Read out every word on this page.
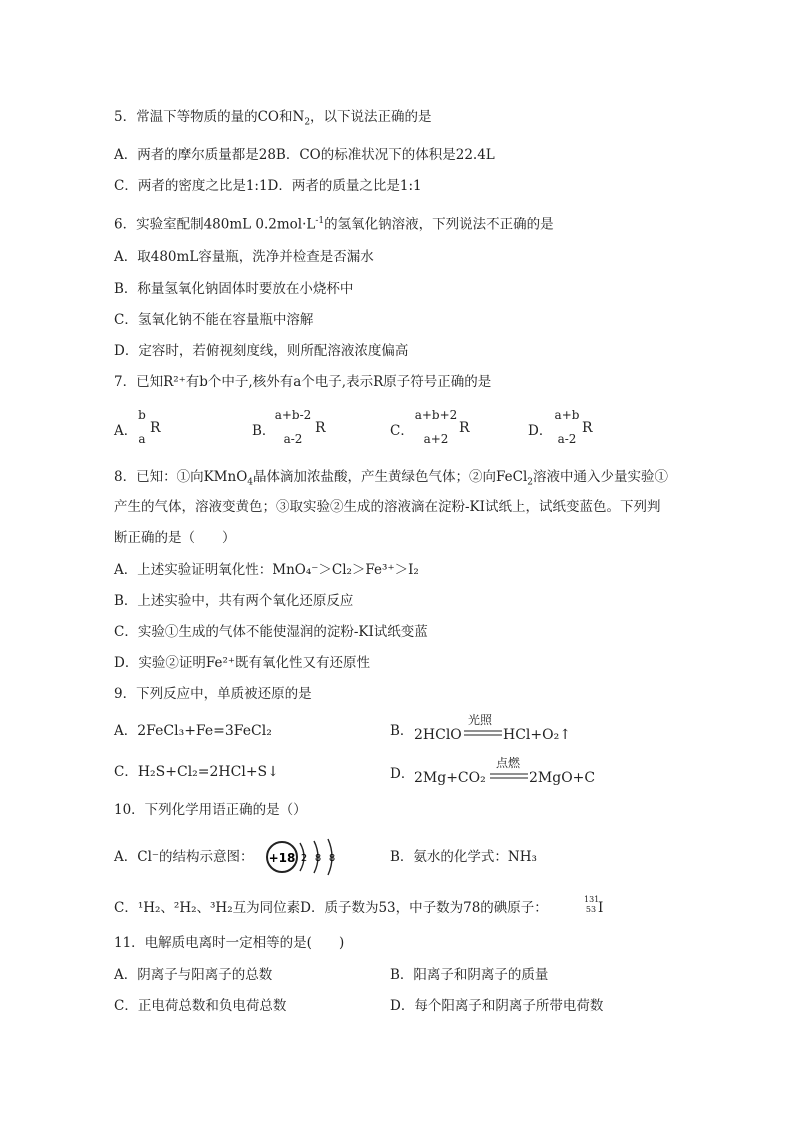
5．常温下等物质的量的CO和$N_2$，以下说法正确的是
A．两者的摩尔质量都是28B．CO的标准状况下的体积是22.4L
C．两者的密度之比是1:1D．两者的质量之比是1:1
6．实验室配制480mL $0.2mol\cdot L^{-1}$的氢氧化钠溶液，下列说法不正确的是
A．取480mL容量瓶，洗净并检查是否漏水
B．称量氢氧化钠固体时要放在小烧杯中
C．氢氧化钠不能在容量瓶中溶解
D．定容时，若俯视刻度线，则所配溶液浓度偏高
7．已知R²⁺有b个中子,核外有a个电子,表示R原子符号正确的是
A．
b
a
R	B．
a+b-2
a-2
R	C．
a+b+2
a+2
R	D．
a+b
a-2
R
8．已知：①向KMnO$_4$晶体滴加浓盐酸，产生黄绿色气体；②向FeCl$_2$溶液中通入少量实验①
产生的气体，溶液变黄色；③取实验②生成的溶液滴在淀粉-KI试纸上，试纸变蓝色。下列判
断正确的是（　　）
A．上述实验证明氧化性：MnO₄⁻＞Cl₂＞Fe³⁺＞I₂
B．上述实验中，共有两个氧化还原反应
C．实验①生成的气体不能使湿润的淀粉-KI试纸变蓝
D．实验②证明Fe²⁺既有氧化性又有还原性
9．下列反应中，单质被还原的是
A．2FeCl₃+Fe=3FeCl₂	B． 2HClO
光照
HCl+O₂↑
C．H₂S+Cl₂=2HCl+S↓	D． 2Mg+CO₂
点燃
2MgO+C
10．下列化学用语正确的是（）
A．Cl⁻的结构示意图： +18 2 8 8	B．氨水的化学式：NH₃
C．¹H₂、²H₂、³H₂互为同位素D．质子数为53，中子数为78的碘原子：
131
53 I
11．电解质电离时一定相等的是(　　)
A．阴离子与阳离子的总数	B．阳离子和阴离子的质量
C．正电荷总数和负电荷总数	D．每个阳离子和阴离子所带电荷数
